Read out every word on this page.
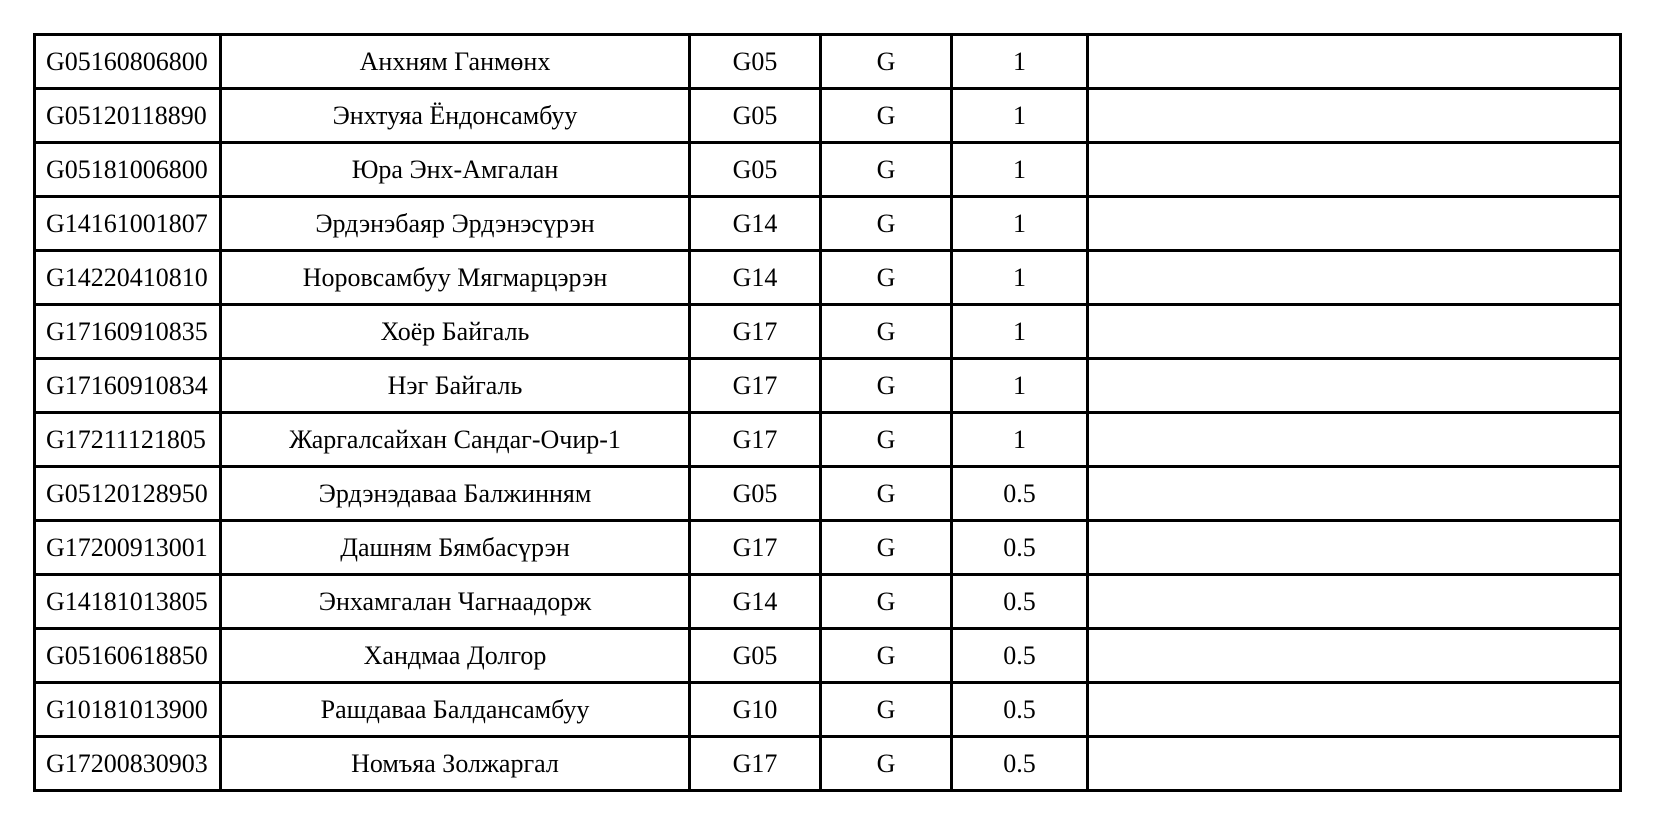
G05160806800	Анхням Ганмөнх	G05	G	1	
G05120118890	Энхтуяа Ёндонсамбуу	G05	G	1	
G05181006800	Юра Энх-Амгалан	G05	G	1	
G14161001807	Эрдэнэбаяр Эрдэнэсүрэн	G14	G	1	
G14220410810	Норовсамбуу Мягмарцэрэн	G14	G	1	
G17160910835	Хоёр Байгаль	G17	G	1	
G17160910834	Нэг Байгаль	G17	G	1	
G17211121805	Жаргалсайхан Сандаг-Очир-1	G17	G	1	
G05120128950	Эрдэнэдаваа Балжинням	G05	G	0.5	
G17200913001	Дашням Бямбасүрэн	G17	G	0.5	
G14181013805	Энхамгалан Чагнаадорж	G14	G	0.5	
G05160618850	Хандмаа Долгор	G05	G	0.5	
G10181013900	Рашдаваа Балдансамбуу	G10	G	0.5	
G17200830903	Номъяа Золжаргал	G17	G	0.5	
